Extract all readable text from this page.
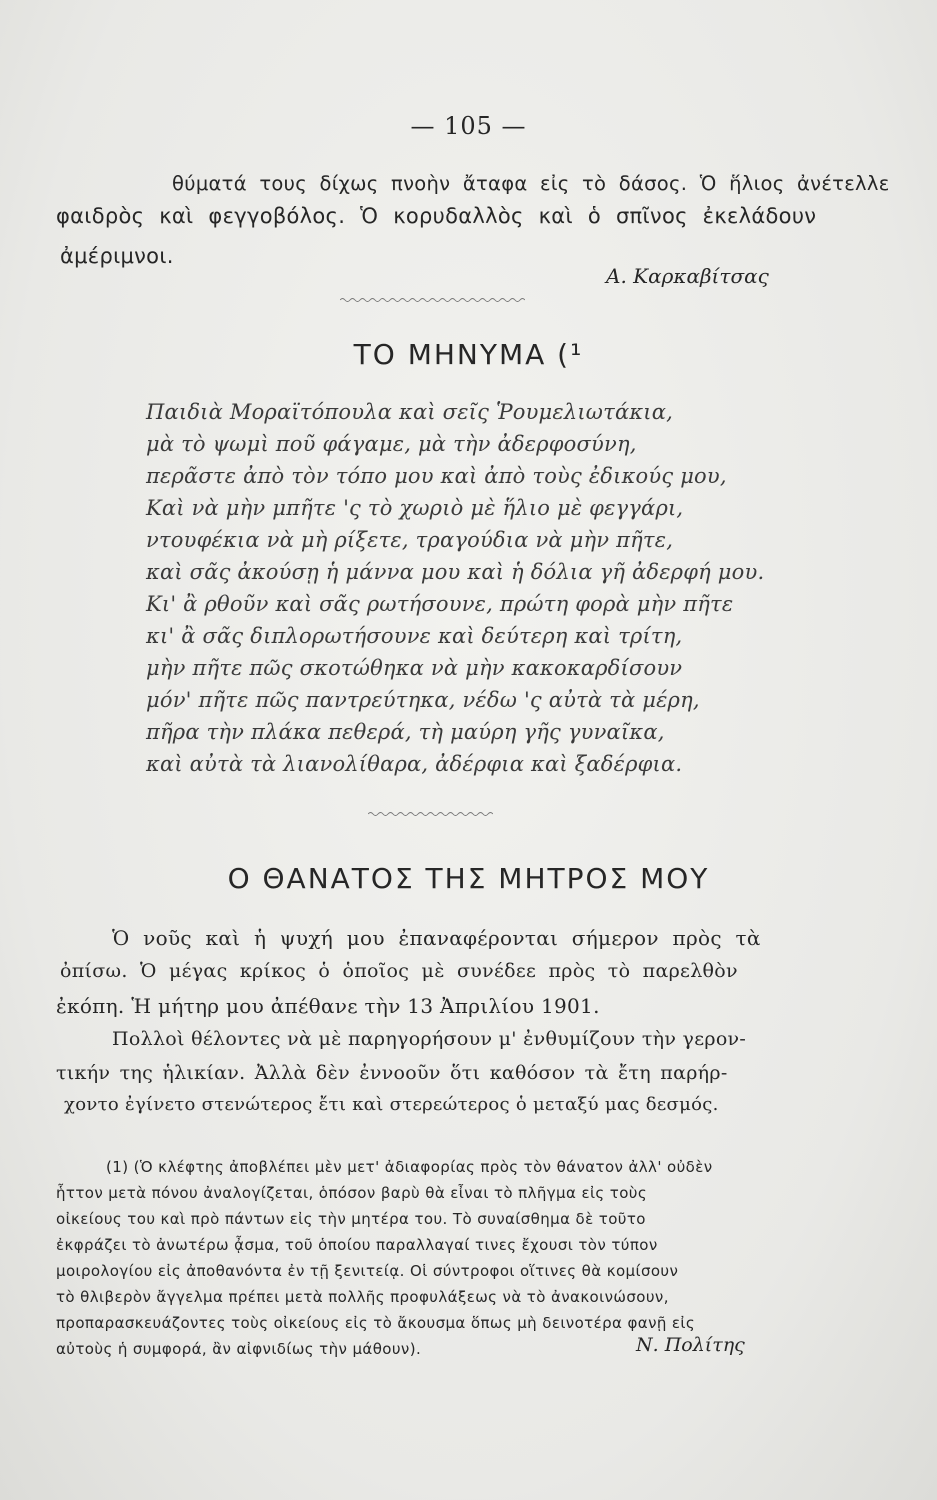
— 105 —
θύματά τους δίχως πνοὴν ἄταφα εἰς τὸ δάσος. Ὁ ἥλιος ἀνέτελλε
φαιδρὸς καὶ φεγγοβόλος. Ὁ κορυδαλλὸς καὶ ὁ σπῖνος ἐκελάδουν
ἀμέριμνοι.
Α. Καρκαβίτσας
ΤΟ ΜΗΝΥΜΑ (¹
Παιδιὰ Μοραϊτόπουλα καὶ σεῖς Ῥουμελιωτάκια,
μὰ τὸ ψωμὶ ποῦ φάγαμε, μὰ τὴν ἀδερφοσύνη,
περᾶστε ἀπὸ τὸν τόπο μου καὶ ἀπὸ τοὺς ἐδικούς μου,
Καὶ νὰ μὴν μπῆτε 'ς τὸ χωριὸ μὲ ἥλιο μὲ φεγγάρι,
ντουφέκια νὰ μὴ ρίξετε, τραγούδια νὰ μὴν πῆτε,
καὶ σᾶς ἀκούσῃ ἡ μάννα μου καὶ ἡ δόλια γῆ ἀδερφή μου.
Κι' ἂ ρθοῦν καὶ σᾶς ρωτήσουνε, πρώτη φορὰ μὴν πῆτε
κι' ἂ σᾶς διπλορωτήσουνε καὶ δεύτερη καὶ τρίτη,
μὴν πῆτε πῶς σκοτώθηκα νὰ μὴν κακοκαρδίσουν
μόν' πῆτε πῶς παντρεύτηκα, νέδω 'ς αὐτὰ τὰ μέρη,
πῆρα τὴν πλάκα πεθερά, τὴ μαύρη γῆς γυναῖκα,
καὶ αὐτὰ τὰ λιανολίθαρα, ἀδέρφια καὶ ξαδέρφια.
Ο ΘΑΝΑΤΟΣ ΤΗΣ ΜΗΤΡΟΣ ΜΟΥ
Ὁ νοῦς καὶ ἡ ψυχή μου ἐπαναφέρονται σήμερον πρὸς τὰ
ὀπίσω. Ὁ μέγας κρίκος ὁ ὁποῖος μὲ συνέδεε πρὸς τὸ παρελθὸν
ἐκόπη. Ἡ μήτηρ μου ἀπέθανε τὴν 13 Ἀπριλίου 1901.
Πολλοὶ θέλοντες νὰ μὲ παρηγορήσουν μ' ἐνθυμίζουν τὴν γερον-
τικήν της ἡλικίαν. Ἀλλὰ δὲν ἐννοοῦν ὅτι καθόσον τὰ ἔτη παρήρ-
χοντο ἐγίνετο στενώτερος ἔτι καὶ στερεώτερος ὁ μεταξύ μας δεσμός.
(1) (Ὁ κλέφτης ἀποβλέπει μὲν μετ' ἀδιαφορίας πρὸς τὸν θάνατον ἀλλ' οὐδὲν
ἧττον μετὰ πόνου ἀναλογίζεται, ὁπόσον βαρὺ θὰ εἶναι τὸ πλῆγμα εἰς τοὺς
οἰκείους του καὶ πρὸ πάντων εἰς τὴν μητέρα του. Τὸ συναίσθημα δὲ τοῦτο
ἐκφράζει τὸ ἀνωτέρω ᾆσμα, τοῦ ὁποίου παραλλαγαί τινες ἔχουσι τὸν τύπον
μοιρολογίου εἰς ἀποθανόντα ἐν τῇ ξενιτείᾳ. Οἱ σύντροφοι οἵτινες θὰ κομίσουν
τὸ θλιβερὸν ἄγγελμα πρέπει μετὰ πολλῆς προφυλάξεως νὰ τὸ ἀνακοινώσουν,
προπαρασκευάζοντες τοὺς οἰκείους εἰς τὸ ἄκουσμα ὅπως μὴ δεινοτέρα φανῇ εἰς
αὐτοὺς ἡ συμφορά, ἂν αἰφνιδίως τὴν μάθουν).	Ν. Πολίτης
